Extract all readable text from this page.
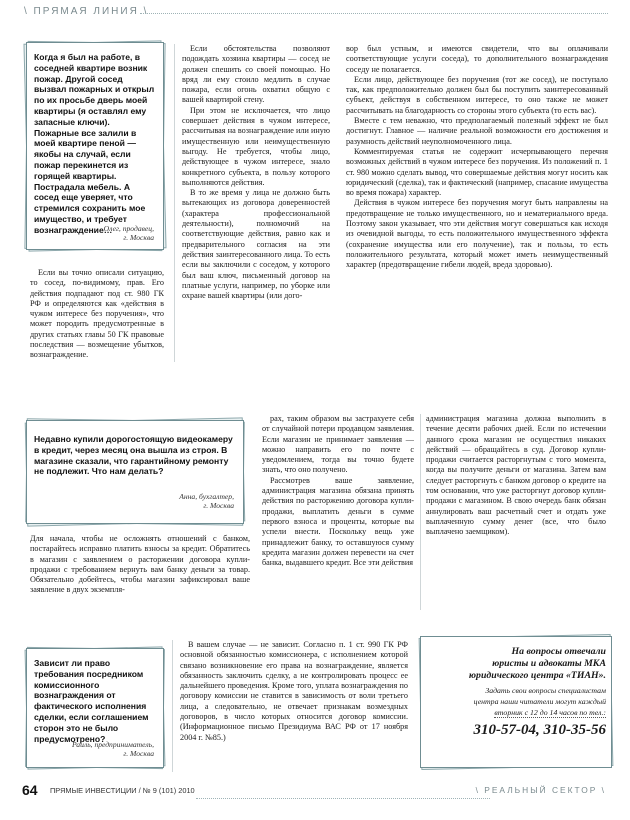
\ ПРЯМАЯ ЛИНИЯ \
Когда я был на работе, в соседней квартире возник пожар. Другой сосед вызвал пожарных и открыл по их просьбе дверь моей квартиры (я оставлял ему запасные ключи). Пожарные все залили в моей квартире пеной — якобы на случай, если пожар перекинется из горящей квартиры. Пострадала мебель. А сосед еще уверяет, что стремился сохранить мое имущество, и требует вознаграждение…
Олег, продавец,
г. Москва

Если вы точно описали ситуацию, то сосед, по-видимому, прав. Его действия подпадают под ст. 980 ГК РФ и определяются как «действия в чужом интересе без поручения», что может породить предусмотренные в других статьях главы 50 ГК правовые последствия — возмещение убытков, вознаграждение.

Если обстоятельства позволяют подождать хозяина квартиры — сосед не должен спешить со своей помощью. Но вряд ли ему стоило медлить в случае пожара, если огонь охватил общую с вашей квартирой стену.

При этом не исключается, что лицо совершает действия в чужом интересе, рассчитывая на вознаграждение или иную имущественную или неимущественную выгоду. Не требуется, чтобы лицо, действующее в чужом интересе, знало конкретного субъекта, в пользу которого выполняются действия.

В то же время у лица не должно быть вытекающих из договора доверенностей (характера профессиональной деятельности), полномочий на соответствующие действия, равно как и предварительного согласия на эти действия заинтересованного лица. То есть если вы заключили с соседом, у которого был ваш ключ, письменный договор на платные услуги, например, по уборке или охране вашей квартиры (или дого-

вор был устным, и имеются свидетели, что вы оплачивали соответствующие услуги соседа), то дополнительного вознаграждения соседу не полагается.

Если лицо, действующее без поручения (тот же сосед), не поступало так, как предположительно должен был бы поступить заинтересованный субъект, действуя в собственном интересе, то оно также не может рассчитывать на благодарность со стороны этого субъекта (то есть вас).

Вместе с тем неважно, что предполагаемый полезный эффект не был достигнут. Главное — наличие реальной возможности его достижения и разумность действий неуполномоченного лица.

Комментируемая статья не содержит исчерпывающего перечня возможных действий в чужом интересе без поручения. Из положений п. 1 ст. 980 можно сделать вывод, что совершаемые действия могут носить как юридический (сделка), так и фактический (например, спасание имущества во время пожара) характер.

Действия в чужом интересе без поручения могут быть направлены на предотвращение не только имущественного, но и нематериального вреда. Поэтому закон указывает, что эти действия могут совершаться как исходя из очевидной выгоды, то есть положительного имущественного эффекта (сохранение имущества или его получение), так и пользы, то есть положительного результата, который может иметь неимущественный характер (предотвращение гибели людей, вреда здоровью).

Недавно купили дорогостоящую видеокамеру в кредит, через месяц она вышла из строя. В магазине сказали, что гарантийному ремонту не подлежит. Что нам делать?
Анна, бухгалтер,
г. Москва

Для начала, чтобы не осложнять отношений с банком, постарайтесь исправно платить взносы за кредит. Обратитесь в магазин с заявлением о расторжении договора купли-продажи с требованием вернуть вам банку деньги за товар. Обязательно добейтесь, чтобы магазин зафиксировал ваше заявление в двух экземпля-

рах, таким образом вы застрахуете себя от случайной потери продавцом заявления. Если магазин не принимает заявления — можно направить его по почте с уведомлением, тогда вы точно будете знать, что оно получено.

Рассмотрев ваше заявление, администрация магазина обязана принять действия по расторжению договора купли-продажи, выплатить деньги в сумме первого взноса и проценты, которые вы успели внести. Поскольку вещь уже принадлежит банку, то оставшуюся сумму кредита магазин должен перевести на счет банка, выдавшего кредит. Все эти действия

администрация магазина должна выполнить в течение десяти рабочих дней. Если по истечении данного срока магазин не осуществил никаких действий — обращайтесь в суд. Договор купли-продажи считается расторгнутым с того момента, когда вы получите деньги от магазина. Затем вам следует расторгнуть с банком договор о кредите на том основании, что уже расторгнут договор купли-продажи с магазином. В свою очередь банк обязан аннулировать ваш расчетный счет и отдать уже выплаченную сумму денег (все, что было выплачено заемщиком).

Зависит ли право требования посредником комиссионного вознаграждения от фактического исполнения сделки, если соглашением сторон это не было предусмотрено?
Раиль, предприниматель,
г. Москва

В вашем случае — не зависит. Согласно п. 1 ст. 990 ГК РФ основной обязанностью комиссионера, с исполнением которой связано возникновение его права на вознаграждение, является обязанность заключить сделку, а не контролировать процесс ее дальнейшего проведения. Кроме того, уплата вознаграждения по договору комиссии не ставится в зависимость от воли третьего лица, а следовательно, не отвечает признакам возмездных договоров, в число которых относится договор комиссии. (Информационное письмо Президиума ВАС РФ от 17 ноября 2004 г. №85.)

На вопросы отвечали
юристы и адвокаты МКА
юридического центра «ТИАН».
Задать свои вопросы специалистам
центра наши читатели могут каждый
вторник с 12 до 14 часов по тел.:
310-57-04, 310-35-56
64 ПРЯМЫЕ ИНВЕСТИЦИИ / № 9 (101) 2010	\ РЕАЛЬНЫЙ СЕКТОР \
